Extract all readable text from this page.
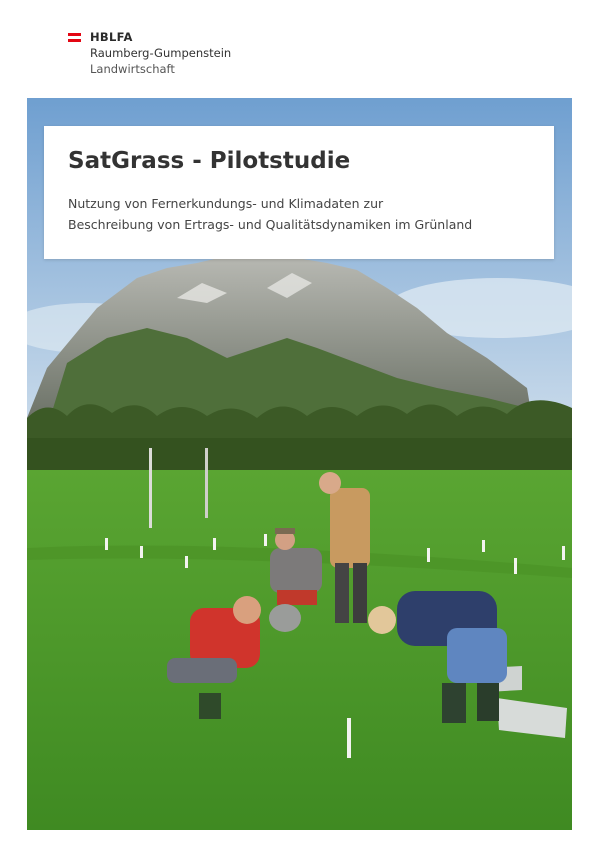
HBLFA
Raumberg-Gumpenstein
Landwirtschaft
SatGrass - Pilotstudie
Nutzung von Fernerkundungs- und Klimadaten zur
Beschreibung von Ertrags- und Qualitätsdynamiken im Grünland
